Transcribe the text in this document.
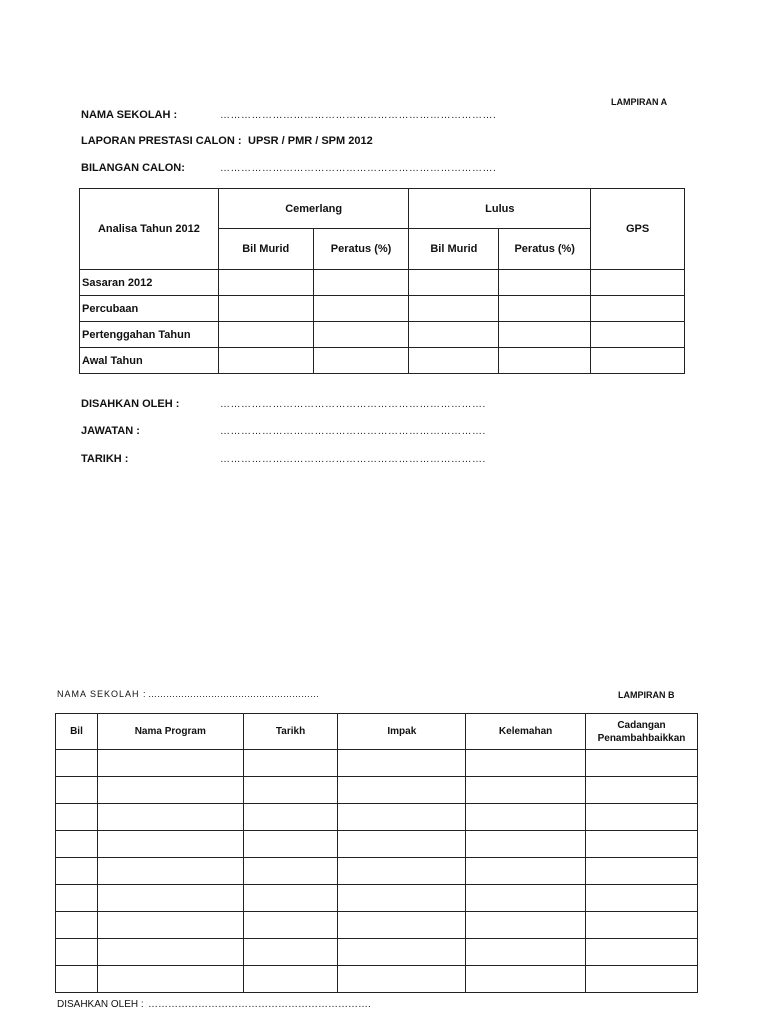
LAMPIRAN A
NAMA SEKOLAH :	…………………………………………………………………….
LAPORAN PRESTASI CALON : UPSR / PMR / SPM 2012
BILANGAN CALON:	…………………………………………………………………….
Analisa Tahun 2012	Cemerlang		Lulus		GPS
	Bil Murid	Peratus (%)	Bil Murid	Peratus (%)	
Sasaran 2012					
Percubaan					
Pertenggahan Tahun					
Awal Tahun					
DISAHKAN OLEH :	………………………………………………………………….
JAWATAN :	………………………………………………………………….
TARIKH :	………………………………………………………………….
NAMA SEKOLAH : …………………………………………………	LAMPIRAN B
Bil	Nama Program	Tarikh	Impak	Kelemahan	Cadangan Penambahbaikkan

DISAHKAN OLEH : ………………………………………………………….
